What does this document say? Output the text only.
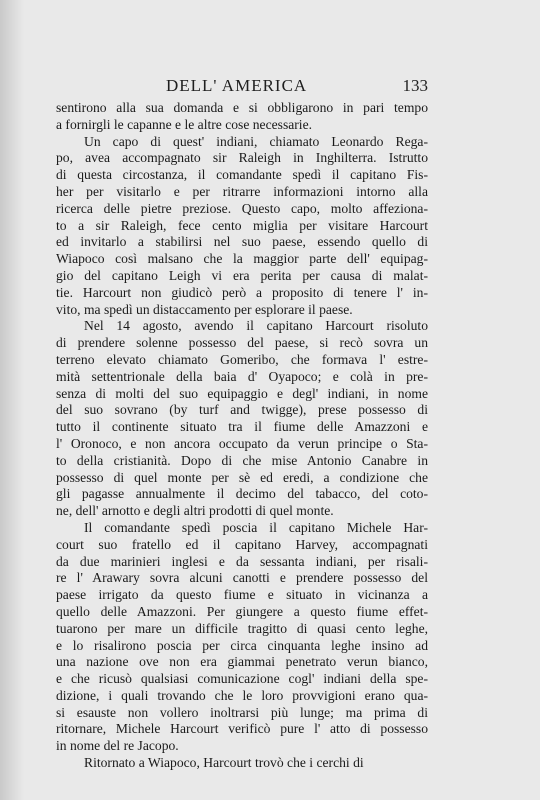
DELL' AMERICA	133
sentirono alla sua domanda e si obbligarono in pari tempo
a fornirgli le capanne e le altre cose necessarie.
Un capo di quest' indiani, chiamato Leonardo Rega-
po, avea accompagnato sir Raleigh in Inghilterra. Istrutto
di questa circostanza, il comandante spedì il capitano Fis-
her per visitarlo e per ritrarre informazioni intorno alla
ricerca delle pietre preziose. Questo capo, molto affeziona-
to a sir Raleigh, fece cento miglia per visitare Harcourt
ed invitarlo a stabilirsi nel suo paese, essendo quello di
Wiapoco così malsano che la maggior parte dell' equipag-
gio del capitano Leigh vi era perita per causa di malat-
tie. Harcourt non giudicò però a proposito di tenere l' in-
vito, ma spedì un distaccamento per esplorare il paese.
Nel 14 agosto, avendo il capitano Harcourt risoluto
di prendere solenne possesso del paese, si recò sovra un
terreno elevato chiamato Gomeribo, che formava l' estre-
mità settentrionale della baia d' Oyapoco; e colà in pre-
senza di molti del suo equipaggio e degl' indiani, in nome
del suo sovrano (by turf and twigge), prese possesso di
tutto il continente situato tra il fiume delle Amazzoni e
l' Oronoco, e non ancora occupato da verun principe o Sta-
to della cristianità. Dopo di che mise Antonio Canabre in
possesso di quel monte per sè ed eredi, a condizione che
gli pagasse annualmente il decimo del tabacco, del coto-
ne, dell' arnotto e degli altri prodotti di quel monte.
Il comandante spedì poscia il capitano Michele Har-
court suo fratello ed il capitano Harvey, accompagnati
da due marinieri inglesi e da sessanta indiani, per risali-
re l' Arawary sovra alcuni canotti e prendere possesso del
paese irrigato da questo fiume e situato in vicinanza a
quello delle Amazzoni. Per giungere a questo fiume effet-
tuarono per mare un difficile tragitto di quasi cento leghe,
e lo risalirono poscia per circa cinquanta leghe insino ad
una nazione ove non era giammai penetrato verun bianco,
e che ricusò qualsiasi comunicazione cogl' indiani della spe-
dizione, i quali trovando che le loro provvigioni erano qua-
si esauste non vollero inoltrarsi più lunge; ma prima di
ritornare, Michele Harcourt verificò pure l' atto di possesso
in nome del re Jacopo.
Ritornato a Wiapoco, Harcourt trovò che i cerchi di
